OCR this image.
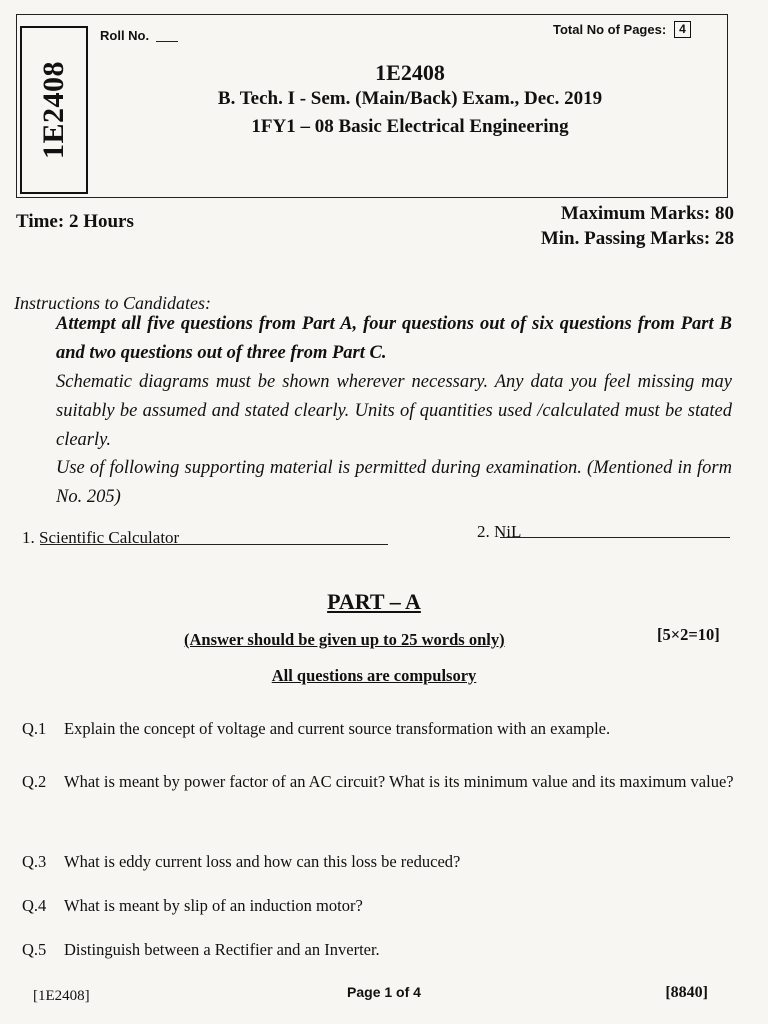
1E2408
Roll No.	Total No of Pages:	4
1E2408
B. Tech. I - Sem. (Main/Back) Exam., Dec. 2019
1FY1 – 08 Basic Electrical Engineering
Time: 2 Hours	Maximum Marks: 80
Min. Passing Marks: 28
Instructions to Candidates:
Attempt all five questions from Part A, four questions out of six questions from Part B and two questions out of three from Part C.
Schematic diagrams must be shown wherever necessary. Any data you feel missing may suitably be assumed and stated clearly. Units of quantities used /calculated must be stated clearly.
Use of following supporting material is permitted during examination. (Mentioned in form No. 205)
1. Scientific Calculator	2. NiL
PART – A
(Answer should be given up to 25 words only)	[5×2=10]
All questions are compulsory
Q.1	Explain the concept of voltage and current source transformation with an example.
Q.2	What is meant by power factor of an AC circuit? What is its minimum value and its maximum value?
Q.3	What is eddy current loss and how can this loss be reduced?
Q.4	What is meant by slip of an induction motor?
Q.5	Distinguish between a Rectifier and an Inverter.
[1E2408]	Page 1 of 4	[8840]
